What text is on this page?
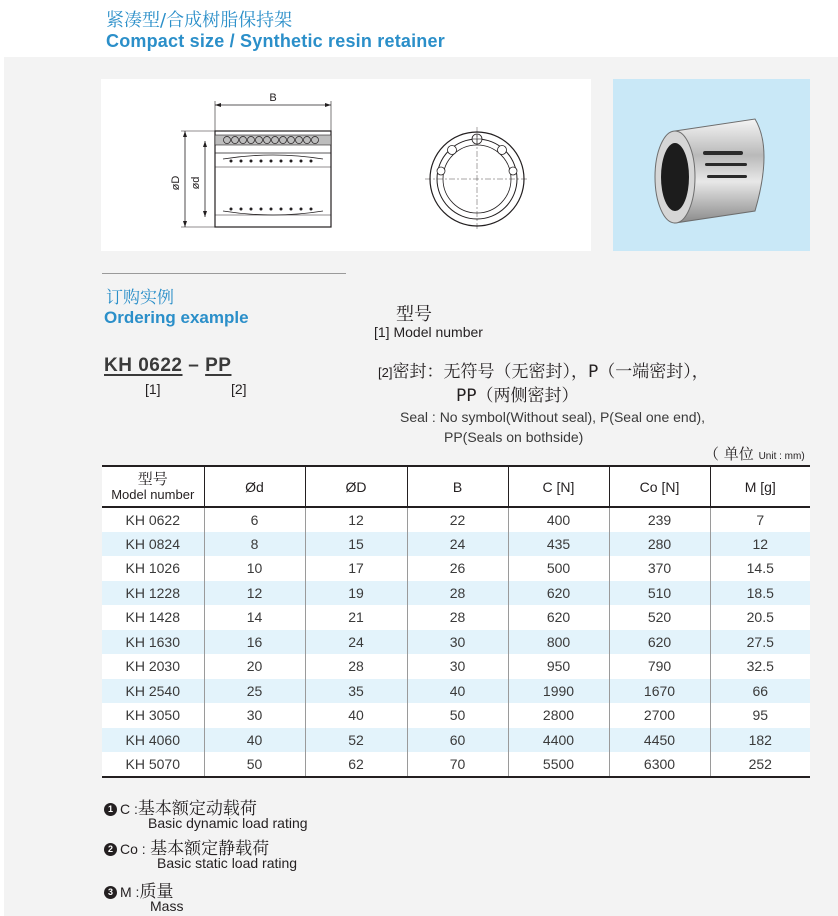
紧凑型/合成树脂保持架
Compact size / Synthetic resin retainer
B
øD ød
订购实例
Ordering example
KH 0622 – PP
[1]	[2]
型号
[1] Model number
[2]密封：无符号（无密封），P（一端密封），
PP（两侧密封）
Seal : No symbol(Without seal), P(Seal one end),
PP(Seals on bothside)
（ 单位 Unit : mm)
型号
Model number	Ød	ØD	B	C [N]	Co [N]	M [g]
KH 0622	6	12	22	400	239	7
KH 0824	8	15	24	435	280	12
KH 1026	10	17	26	500	370	14.5
KH 1228	12	19	28	620	510	18.5
KH 1428	14	21	28	620	520	20.5
KH 1630	16	24	30	800	620	27.5
KH 2030	20	28	30	950	790	32.5
KH 2540	25	35	40	1990	1670	66
KH 3050	30	40	50	2800	2700	95
KH 4060	40	52	60	4400	4450	182
KH 5070	50	62	70	5500	6300	252
1 C :基本额定动载荷
Basic dynamic load rating
2 Co : 基本额定静载荷
Basic static load rating
3 M :质量
Mass
